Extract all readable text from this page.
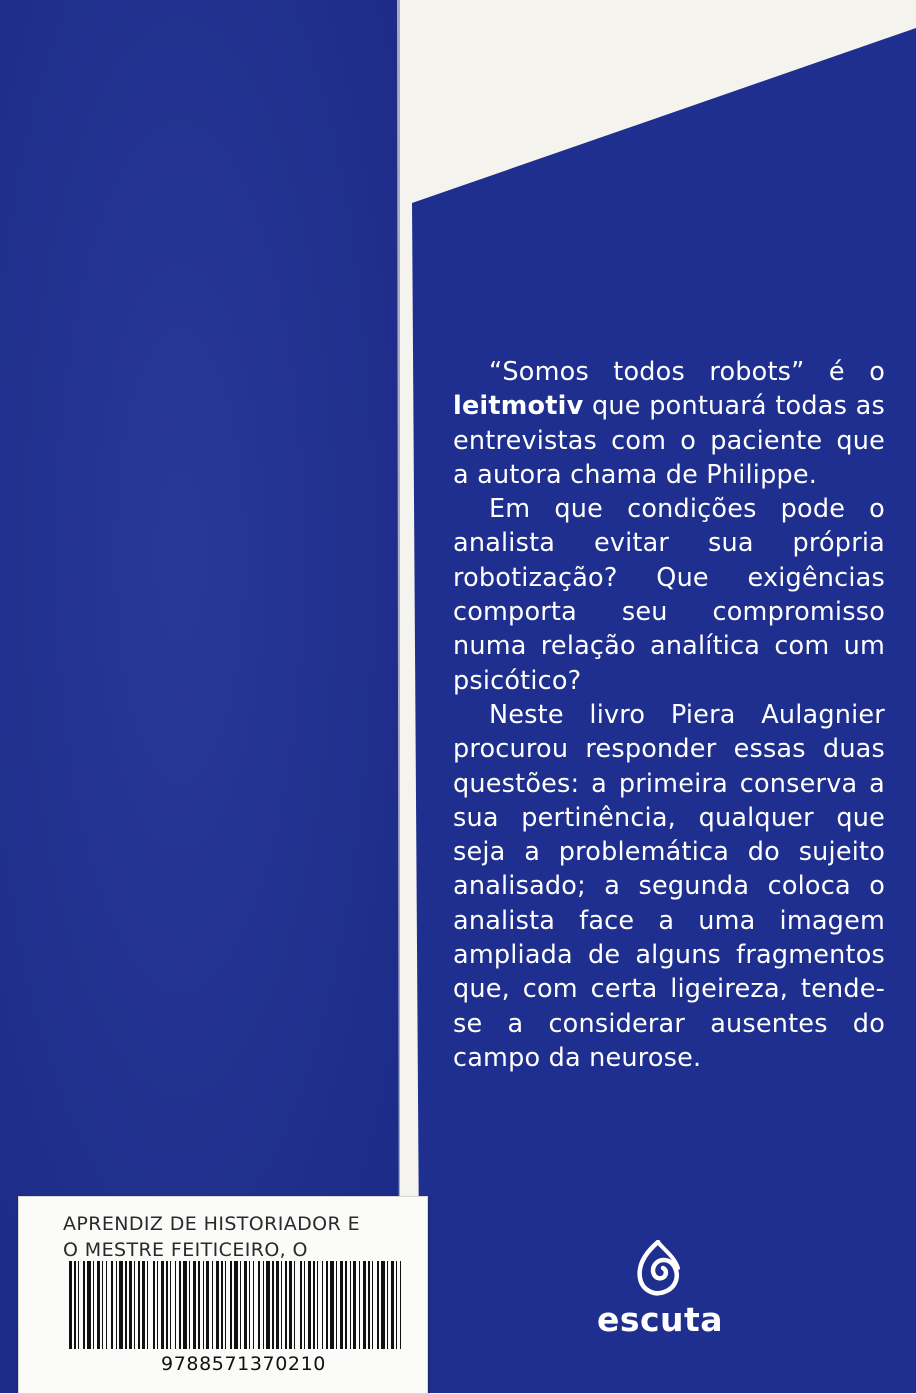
“Somos todos robots” é o leitmotiv que pontuará todas as entrevistas com o paciente que a autora chama de Philippe.

Em que condições pode o analista evitar sua própria robotização? Que exigências comporta seu compromisso numa relação analítica com um psicótico?

Neste livro Piera Aulagnier procurou responder essas duas questões: a primeira conserva a sua pertinência, qualquer que seja a problemática do sujeito analisado; a segunda coloca o analista face a uma imagem ampliada de alguns fragmentos que, com certa ligeireza, tende-se a considerar ausentes do campo da neurose.

escuta
APRENDIZ DE HISTORIADOR E
O MESTRE FEITICEIRO, O
9788571370210
